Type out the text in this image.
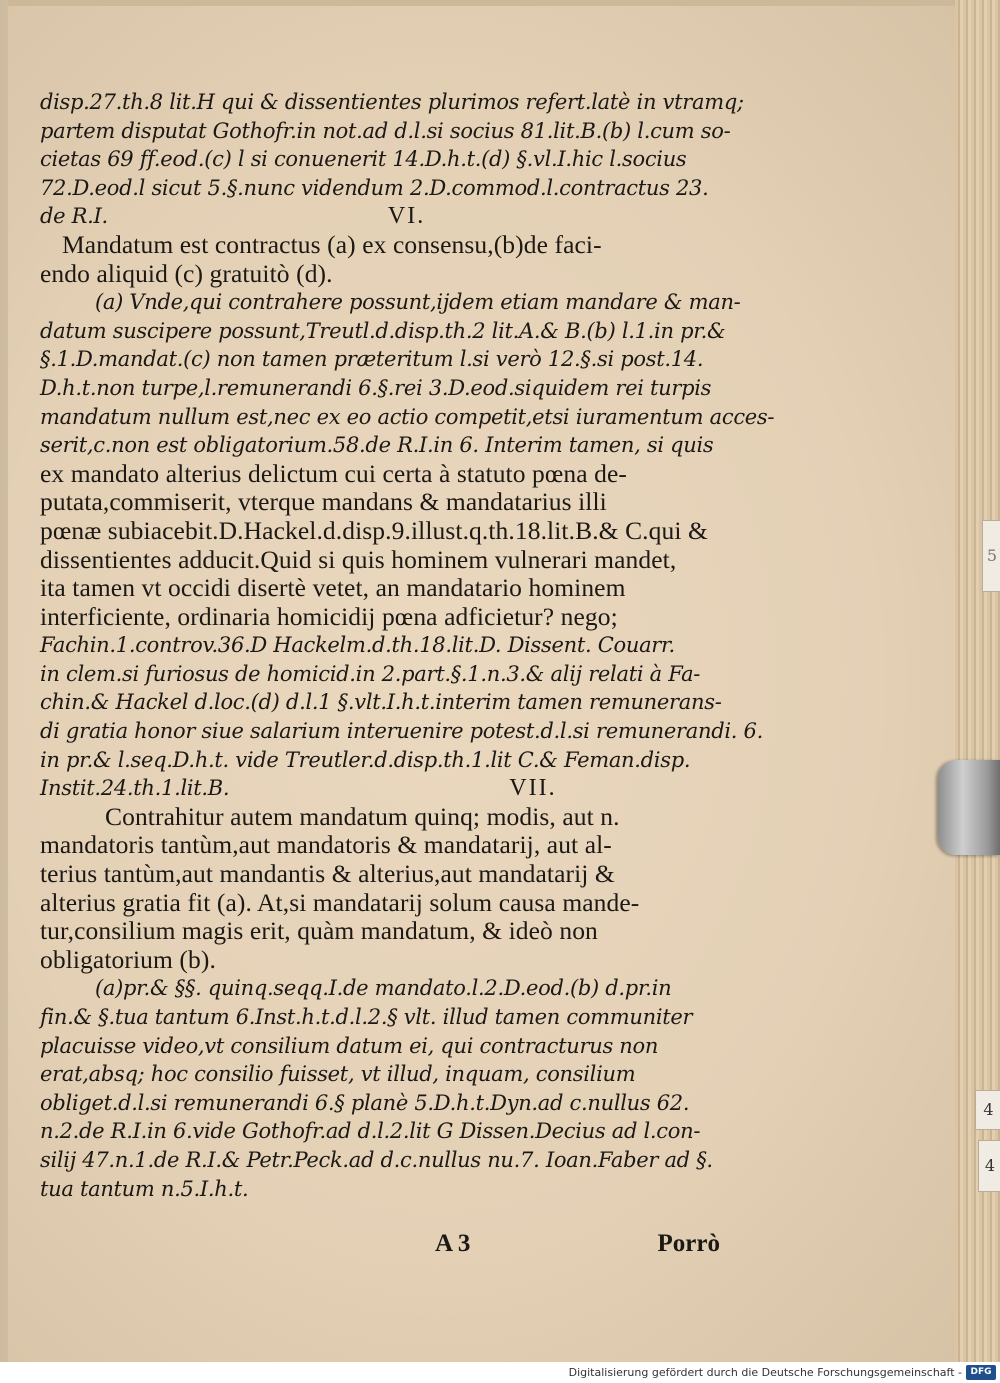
5
4
4
disp.27.th.8 lit.H qui & dissentientes plurimos refert.latè in vtramq;
partem disputat Gothofr.in not.ad d.l.si socius 81.lit.B.(b) l.cum so-
cietas 69 ff.eod.(c) l si conuenerit 14.D.h.t.(d) §.vl.I.hic l.socius
72.D.eod.l sicut 5.§.nunc videndum 2.D.commod.l.contractus 23.
de R.I.	VI.
Mandatum est contractus (a) ex consensu,(b)de faci-
endo aliquid (c) gratuitò (d).
(a) Vnde,qui contrahere possunt,ijdem etiam mandare & man-
datum suscipere possunt,Treutl.d.disp.th.2 lit.A.& B.(b) l.1.in pr.&
§.1.D.mandat.(c) non tamen præteritum l.si verò 12.§.si post.14.
D.h.t.non turpe,l.remunerandi 6.§.rei 3.D.eod.siquidem rei turpis
mandatum nullum est,nec ex eo actio competit,etsi iuramentum acces-
serit,c.non est obligatorium.58.de R.I.in 6. Interim tamen, si quis
ex mandato alterius delictum cui certa à statuto pœna de-
putata,commiserit, vterque mandans & mandatarius illi
pœnæ subiacebit.D.Hackel.d.disp.9.illust.q.th.18.lit.B.& C.qui &
dissentientes adducit.Quid si quis hominem vulnerari mandet,
ita tamen vt occidi disertè vetet, an mandatario hominem
interficiente, ordinaria homicidij pœna adficietur? nego;
Fachin.1.controv.36.D Hackelm.d.th.18.lit.D. Dissent. Couarr.
in clem.si furiosus de homicid.in 2.part.§.1.n.3.& alij relati à Fa-
chin.& Hackel d.loc.(d) d.l.1 §.vlt.I.h.t.interim tamen remunerans-
di gratia honor siue salarium interuenire potest.d.l.si remunerandi. 6.
in pr.& l.seq.D.h.t. vide Treutler.d.disp.th.1.lit C.& Feman.disp.
Instit.24.th.1.lit.B.	VII.
Contrahitur autem mandatum quinq; modis, aut n.
mandatoris tantùm,aut mandatoris & mandatarij, aut al-
terius tantùm,aut mandantis & alterius,aut mandatarij &
alterius gratia fit (a). At,si mandatarij solum causa mande-
tur,consilium magis erit, quàm mandatum, & ideò non
obligatorium (b).
(a)pr.& §§. quinq.seqq.I.de mandato.l.2.D.eod.(b) d.pr.in
fin.& §.tua tantum 6.Inst.h.t.d.l.2.§ vlt. illud tamen communiter
placuisse video,vt consilium datum ei, qui contracturus non
erat,absq; hoc consilio fuisset, vt illud, inquam, consilium
obliget.d.l.si remunerandi 6.§ planè 5.D.h.t.Dyn.ad c.nullus 62.
n.2.de R.I.in 6.vide Gothofr.ad d.l.2.lit G Dissen.Decius ad l.con-
silij 47.n.1.de R.I.& Petr.Peck.ad d.c.nullus nu.7. Ioan.Faber ad §.
tua tantum n.5.I.h.t.
A 3	Porrò
Digitalisierung gefördert durch die Deutsche Forschungsgemeinschaft - DFG
